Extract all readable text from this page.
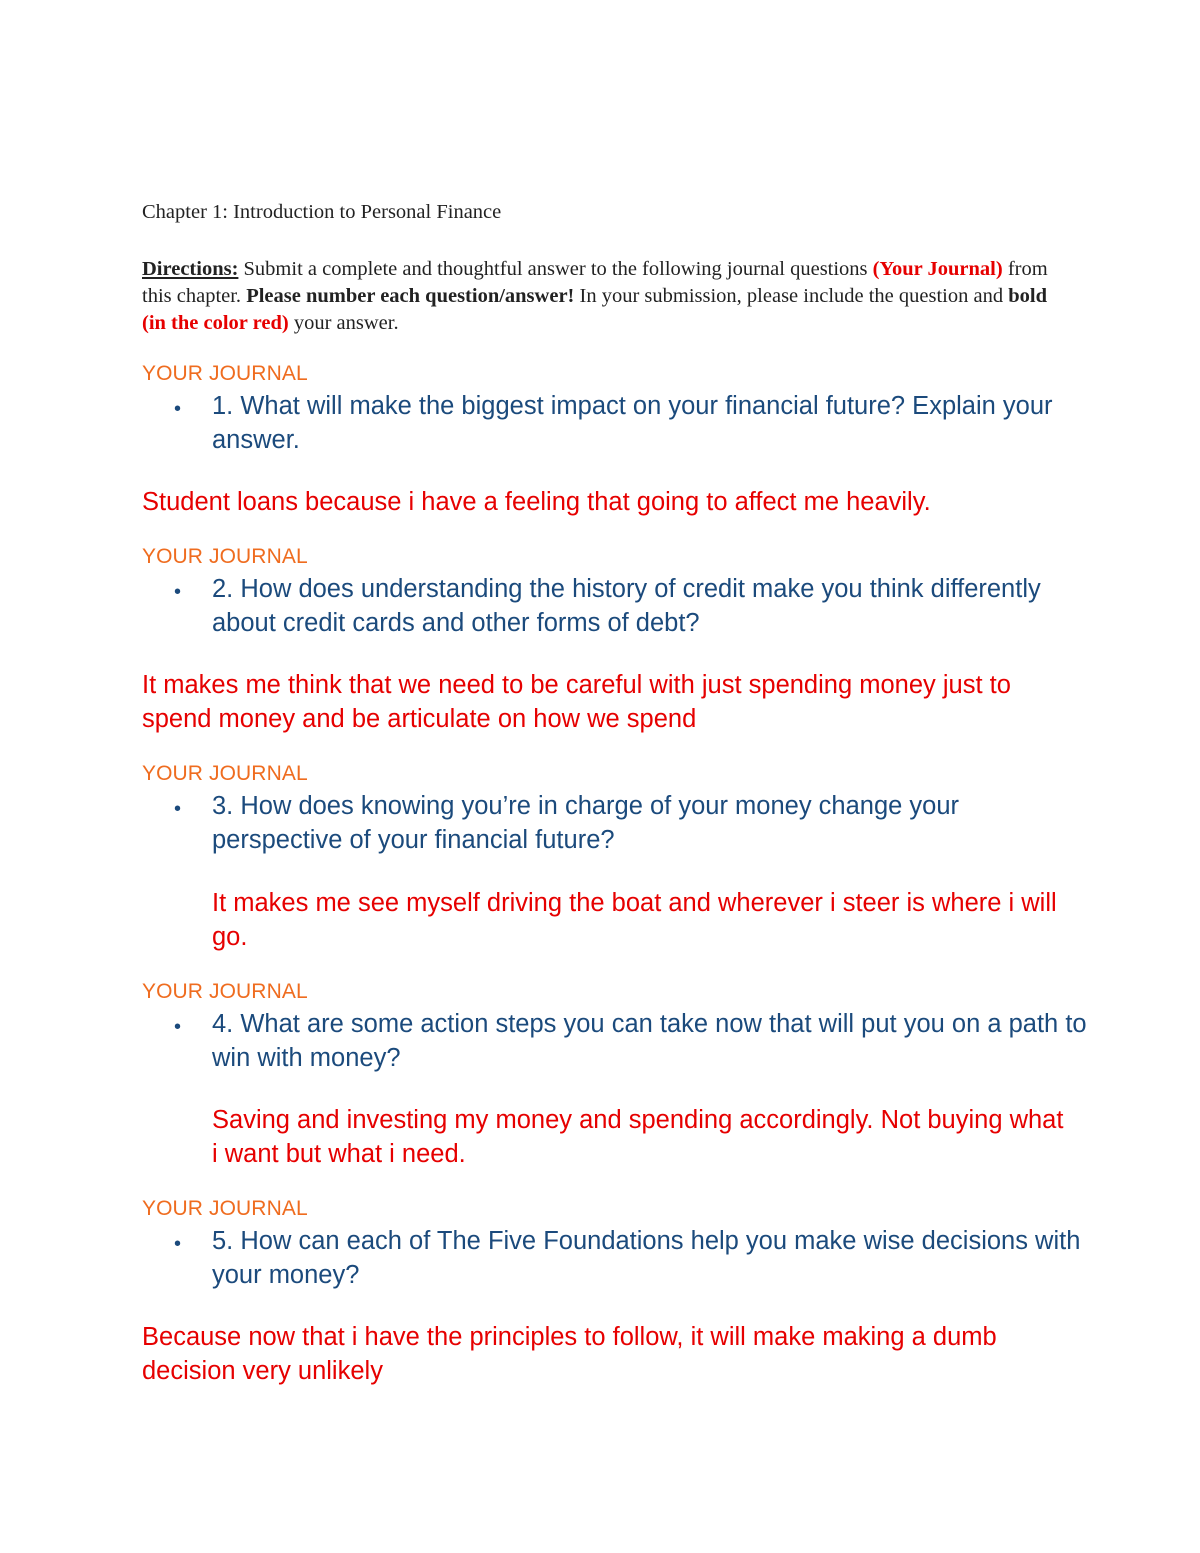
Chapter 1: Introduction to Personal Finance
Directions: Submit a complete and thoughtful answer to the following journal questions (Your Journal) from this chapter. Please number each question/answer! In your submission, please include the question and bold (in the color red) your answer.
YOUR JOURNAL
• 1. What will make the biggest impact on your financial future? Explain your answer.
Student loans because i have a feeling that going to affect me heavily.
YOUR JOURNAL
• 2. How does understanding the history of credit make you think differently about credit cards and other forms of debt?
It makes me think that we need to be careful with just spending money just to spend money and be articulate on how we spend
YOUR JOURNAL
• 3. How does knowing you’re in charge of your money change your perspective of your financial future?
It makes me see myself driving the boat and wherever i steer is where i will go.
YOUR JOURNAL
• 4. What are some action steps you can take now that will put you on a path to win with money?
Saving and investing my money and spending accordingly. Not buying what i want but what i need.
YOUR JOURNAL
• 5. How can each of The Five Foundations help you make wise decisions with your money?
Because now that i have the principles to follow, it will make making a dumb decision very unlikely
